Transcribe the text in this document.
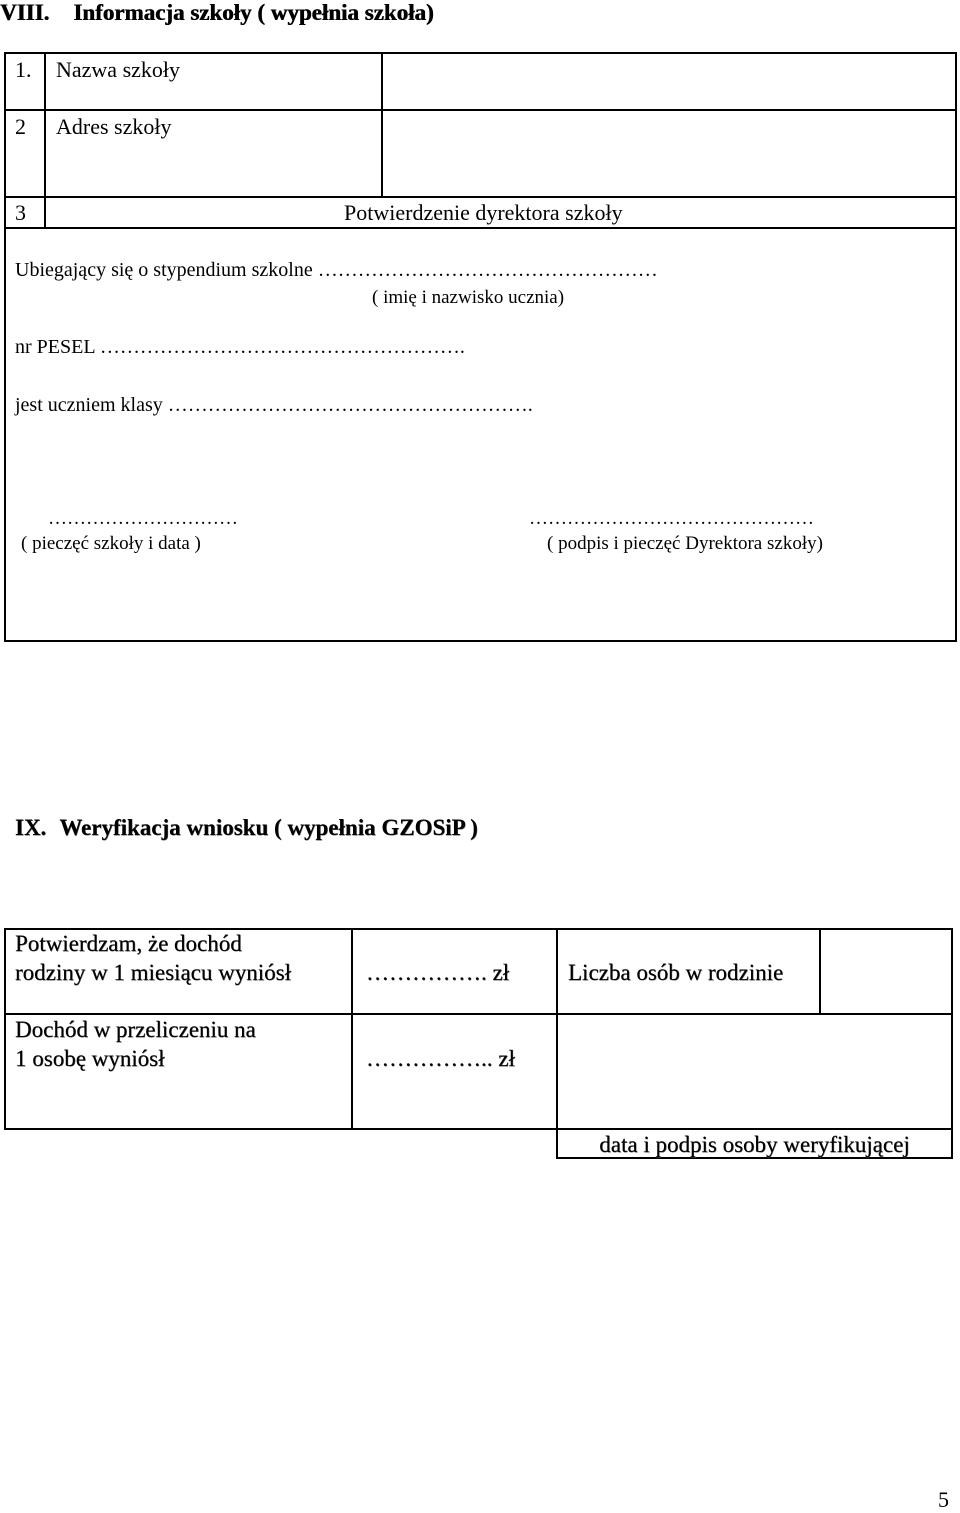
VIII. Informacja szkoły ( wypełnia szkoła)
1. Nazwa szkoły
2 Adres szkoły
3	Potwierdzenie dyrektora szkoły
Ubiegający się o stypendium szkolne ……………………………………………
( imię i nazwisko ucznia)
nr PESEL ……………………………………………….
jest uczniem klasy ……………………………………………….
…………………………
( pieczęć szkoły i data )
………………………………………
( podpis i pieczęć Dyrektora szkoły)
IX. Weryfikacja wniosku ( wypełnia GZOSiP )
Potwierdzam, że dochód
rodziny w 1 miesiącu wyniósł	……………. zł	Liczba osób w rodzinie
Dochód w przeliczeniu na
1 osobę wyniósł	…………….. zł
data i podpis osoby weryfikującej
5
